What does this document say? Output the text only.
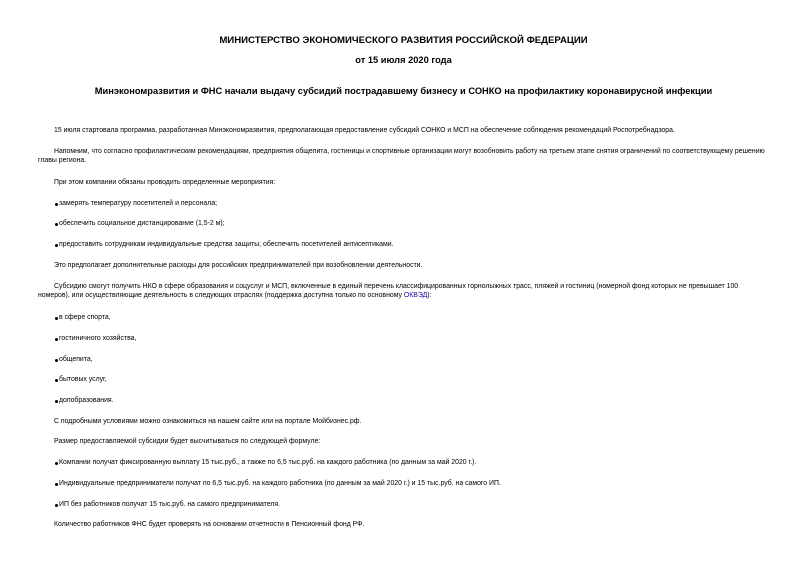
МИНИСТЕРСТВО ЭКОНОМИЧЕСКОГО РАЗВИТИЯ РОССИЙСКОЙ ФЕДЕРАЦИИ
от 15 июля 2020 года
Минэкономразвития и ФНС начали выдачу субсидий пострадавшему бизнесу и СОНКО на профилактику коронавирусной инфекции
15 июля стартовала программа, разработанная Минэкономразвития, предполагающая предоставление субсидий СОНКО и МСП на обеспечение соблюдения рекомендаций Роспотребнадзора.
Напомним, что согласно профилактическим рекомендациям, предприятия общепита, гостиницы и спортивные организации могут возобновить работу на третьем этапе снятия ограничений по соответствующему решению главы региона.
При этом компании обязаны проводить определенные мероприятия:
замерять температуру посетителей и персонала;
обеспечить социальное дистанцирование (1,5-2 м);
предоставить сотрудникам индивидуальные средства защиты; обеспечить посетителей антисептиками.
Это предполагает дополнительные расходы для российских предпринимателей при возобновлении деятельности.
Субсидию смогут получить НКО в сфере образования и соцуслуг и МСП, включенные в единый перечень классифицированных горнолыжных трасс, пляжей и гостиниц (номерной фонд которых не превышает 100 номеров), или осуществляющие деятельность в следующих отраслях (поддержка доступна только по основному ОКВЭД):
в сфере спорта,
гостиничного хозяйства,
общепита,
бытовых услуг,
допобразования.
С подробными условиями можно ознакомиться на нашем сайте или на портале Мойбизнес.рф.
Размер предоставляемой субсидии будет высчитываться по следующей формуле:
Компании получат фиксированную выплату 15 тыс.руб., а также по 6,5 тыс.руб. на каждого работника (по данным за май 2020 г.).
Индивидуальные предприниматели получат по 6,5 тыс.руб. на каждого работника (по данным за май 2020 г.) и 15 тыс.руб. на самого ИП.
ИП без работников получат 15 тыс.руб. на самого предпринимателя.
Количество работников ФНС будет проверять на основании отчетности в Пенсионный фонд РФ.
